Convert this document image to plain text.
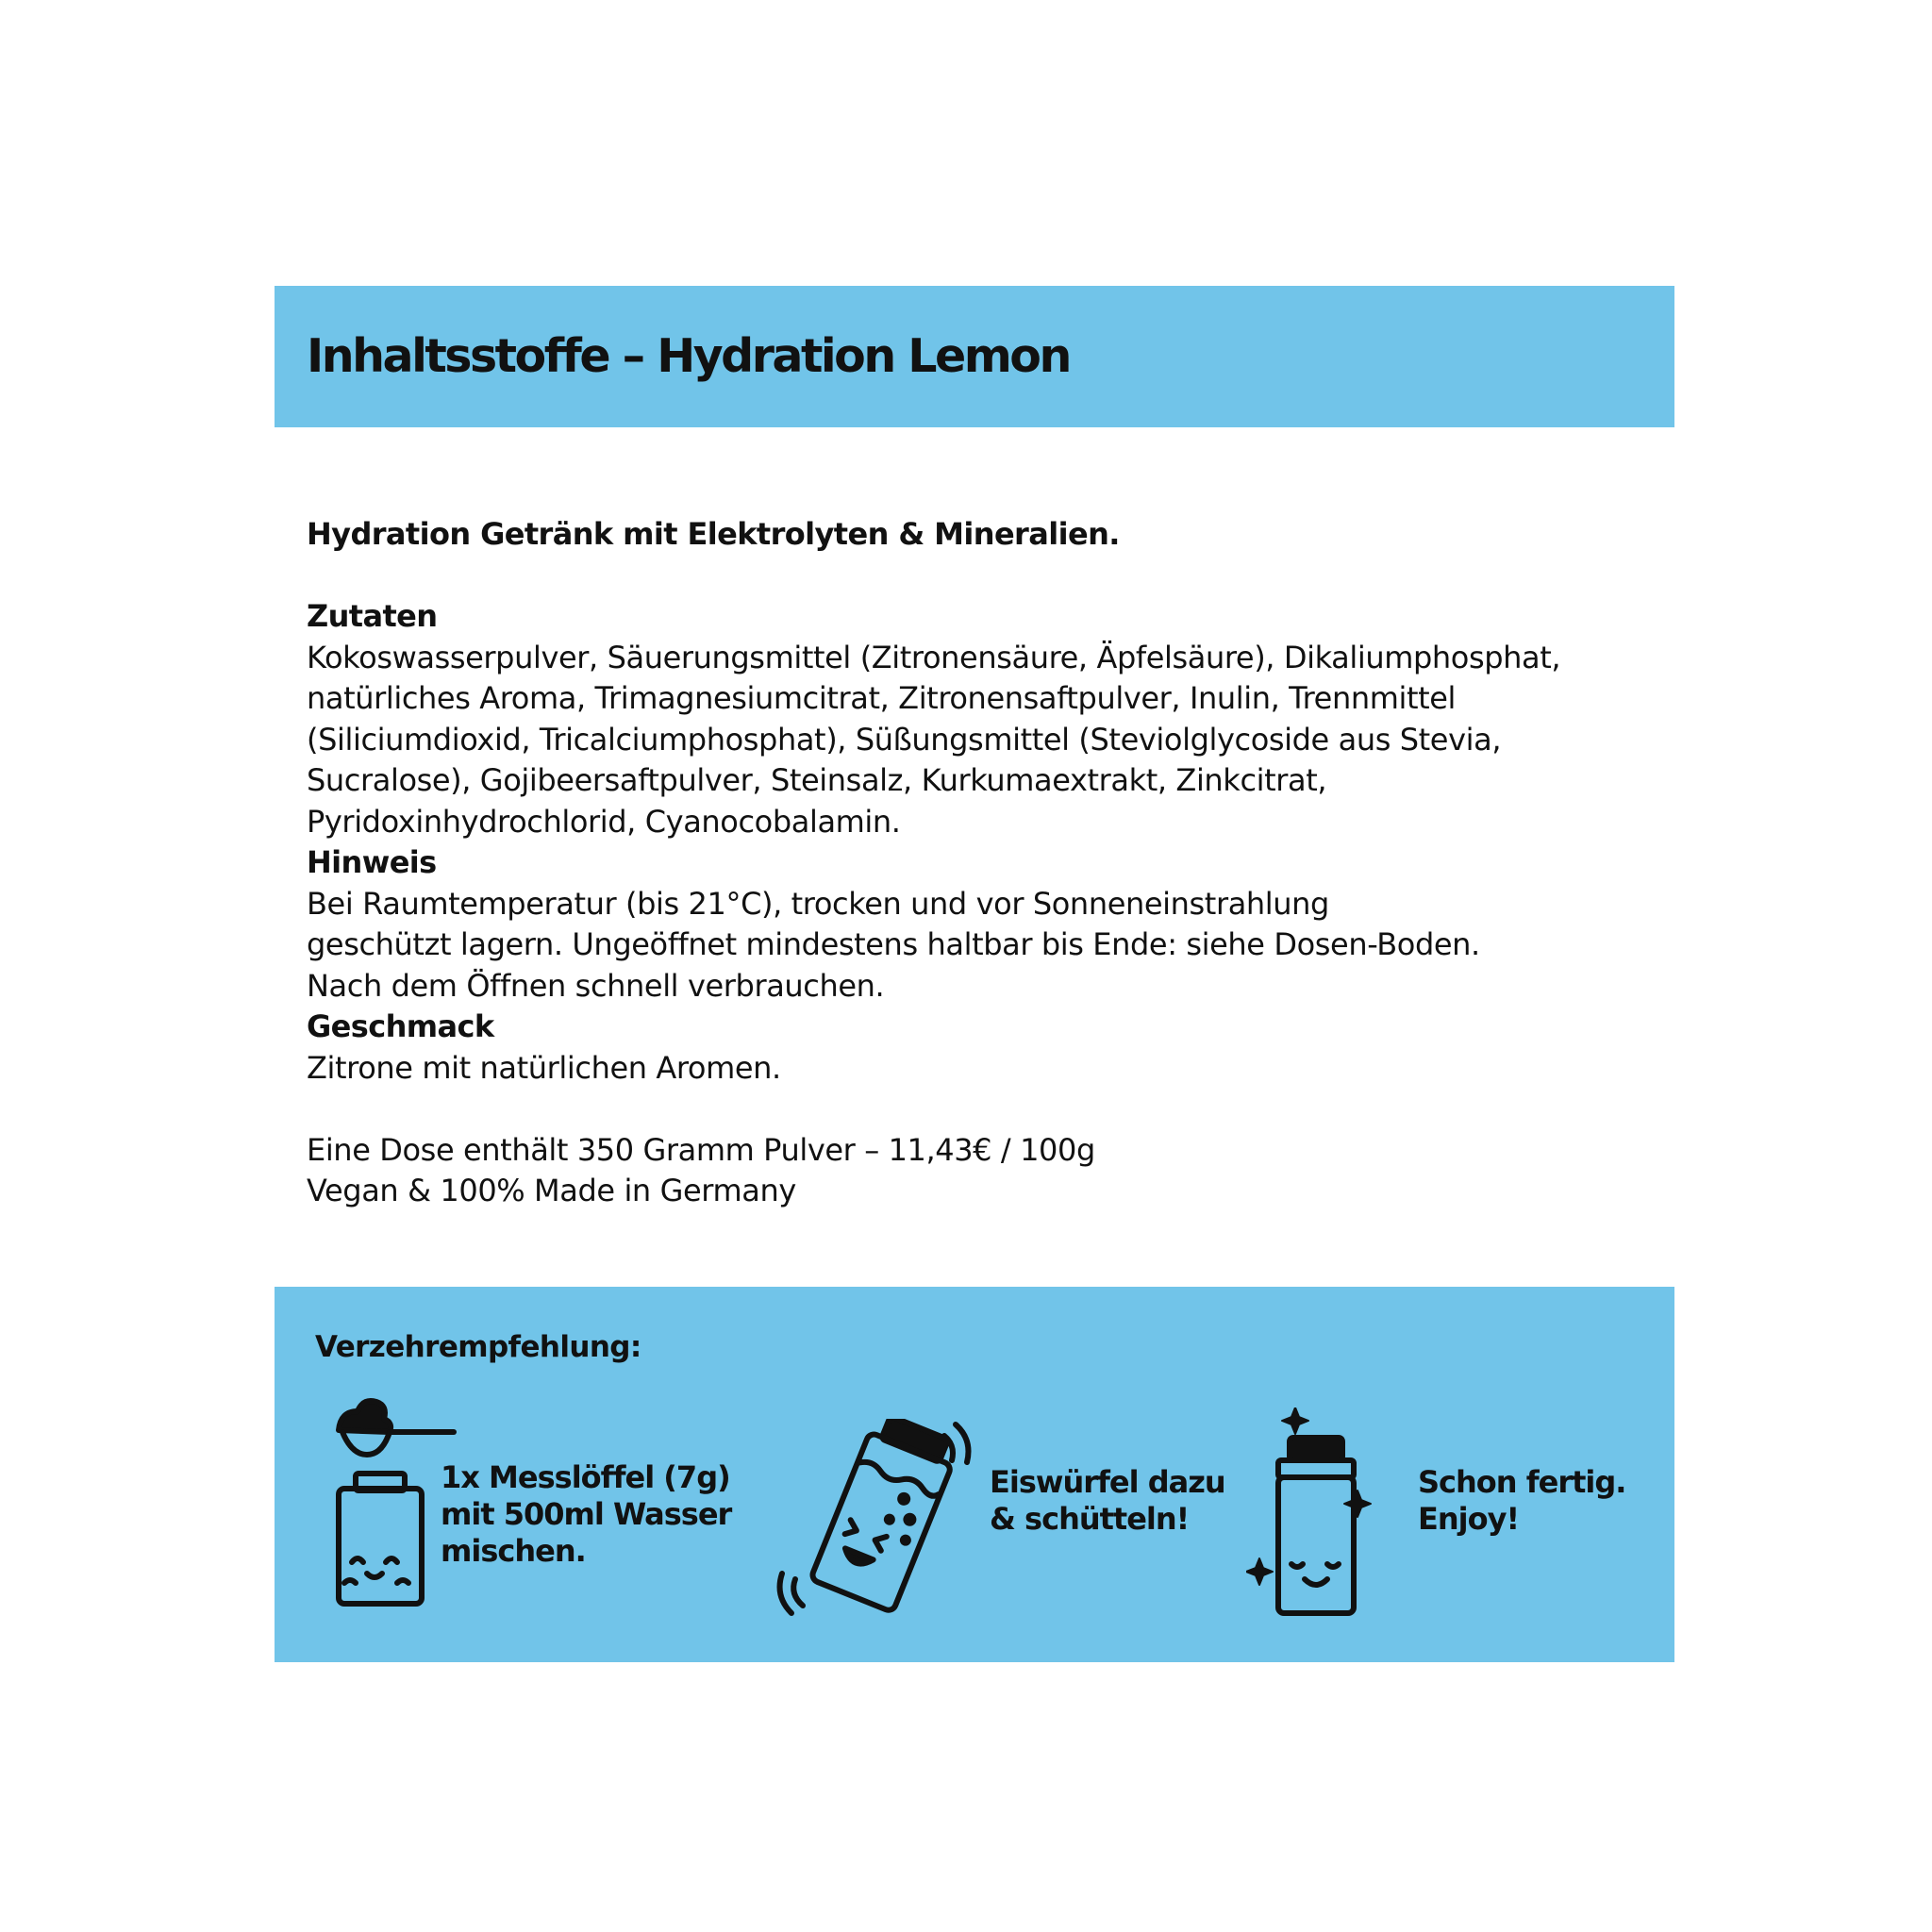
Inhaltsstoffe – Hydration Lemon

Hydration Getränk mit Elektrolyten & Mineralien.

Zutaten

Kokoswasserpulver, Säuerungsmittel (Zitronensäure, Äpfelsäure), Dikaliumphosphat,

natürliches Aroma, Trimagnesiumcitrat, Zitronensaftpulver, Inulin, Trennmittel

(Siliciumdioxid, Tricalciumphosphat), Süßungsmittel (Steviolglycoside aus Stevia,

Sucralose), Gojibeersaftpulver, Steinsalz, Kurkumaextrakt, Zinkcitrat,

Pyridoxinhydrochlorid, Cyanocobalamin.

Hinweis

Bei Raumtemperatur (bis 21°C), trocken und vor Sonneneinstrahlung

geschützt lagern. Ungeöffnet mindestens haltbar bis Ende: siehe Dosen-Boden.

Nach dem Öffnen schnell verbrauchen.

Geschmack

Zitrone mit natürlichen Aromen.

Eine Dose enthält 350 Gramm Pulver – 11,43€ / 100g

Vegan & 100% Made in Germany

Verzehrempfehlung:

1x Messlöffel (7g)
mit 500ml Wasser
mischen.
Eiswürfel dazu
& schütteln!
Schon fertig.
Enjoy!
